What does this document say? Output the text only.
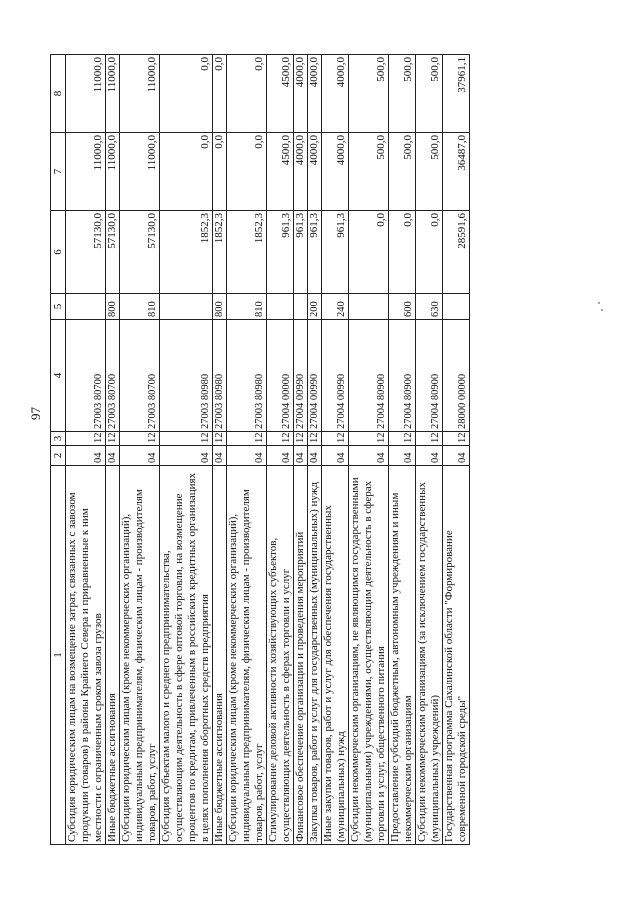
97
1	2	3	4	5	6	7	8
Субсидия юридическим лицам на возмещение затрат, связанных с завозом продукции (товаров) в районы Крайнего Севера и приравненные к ним местности с ограниченным сроком завоза грузов	04	12	27003 80700		57130,0	11000,0	11000,0
Иные бюджетные ассигнования	04	12	27003 80700	800	57130,0	11000,0	11000,0
Субсидии юридическим лицам (кроме некоммерческих организаций), индивидуальным предпринимателям, физическим лицам - производителям товаров, работ, услуг	04	12	27003 80700	810	57130,0	11000,0	11000,0
Субсидия субъектам малого и среднего предпринимательства, осуществляющим деятельность в сфере оптовой торговли, на возмещение процентов по кредитам, привлеченным в российских кредитных организациях в целях пополнения оборотных средств предприятия	04	12	27003 80980		1852,3	0,0	0,0
Иные бюджетные ассигнования	04	12	27003 80980	800	1852,3	0,0	0,0
Субсидии юридическим лицам (кроме некоммерческих организаций), индивидуальным предпринимателям, физическим лицам - производителям товаров, работ, услуг	04	12	27003 80980	810	1852,3	0,0	0,0
Стимулирование деловой активности хозяйствующих субъектов, осуществляющих деятельность в сферах торговли и услуг	04	12	27004 00000		961,3	4500,0	4500,0
Финансовое обеспечение организации и проведения мероприятий	04	12	27004 00990		961,3	4000,0	4000,0
Закупка товаров, работ и услуг для государственных (муниципальных) нужд	04	12	27004 00990	200	961,3	4000,0	4000,0
Иные закупки товаров, работ и услуг для обеспечения государственных (муниципальных) нужд	04	12	27004 00990	240	961,3	4000,0	4000,0
Субсидии некоммерческим организациям, не являющимся государственными (муниципальными) учреждениями, осуществляющим деятельность в сферах торговли и услуг, общественного питания	04	12	27004 80900		0,0	500,0	500,0
Предоставление субсидий бюджетным, автономным учреждениям и иным некоммерческим организациям	04	12	27004 80900	600	0,0	500,0	500,0
Субсидии некоммерческим организациям (за исключением государственных (муниципальных) учреждений)	04	12	27004 80900	630	0,0	500,0	500,0
Государственная программа Сахалинской области "Формирование современной городской среды"	04	12	28000 00000		28591,6	36487,0	37961,1
